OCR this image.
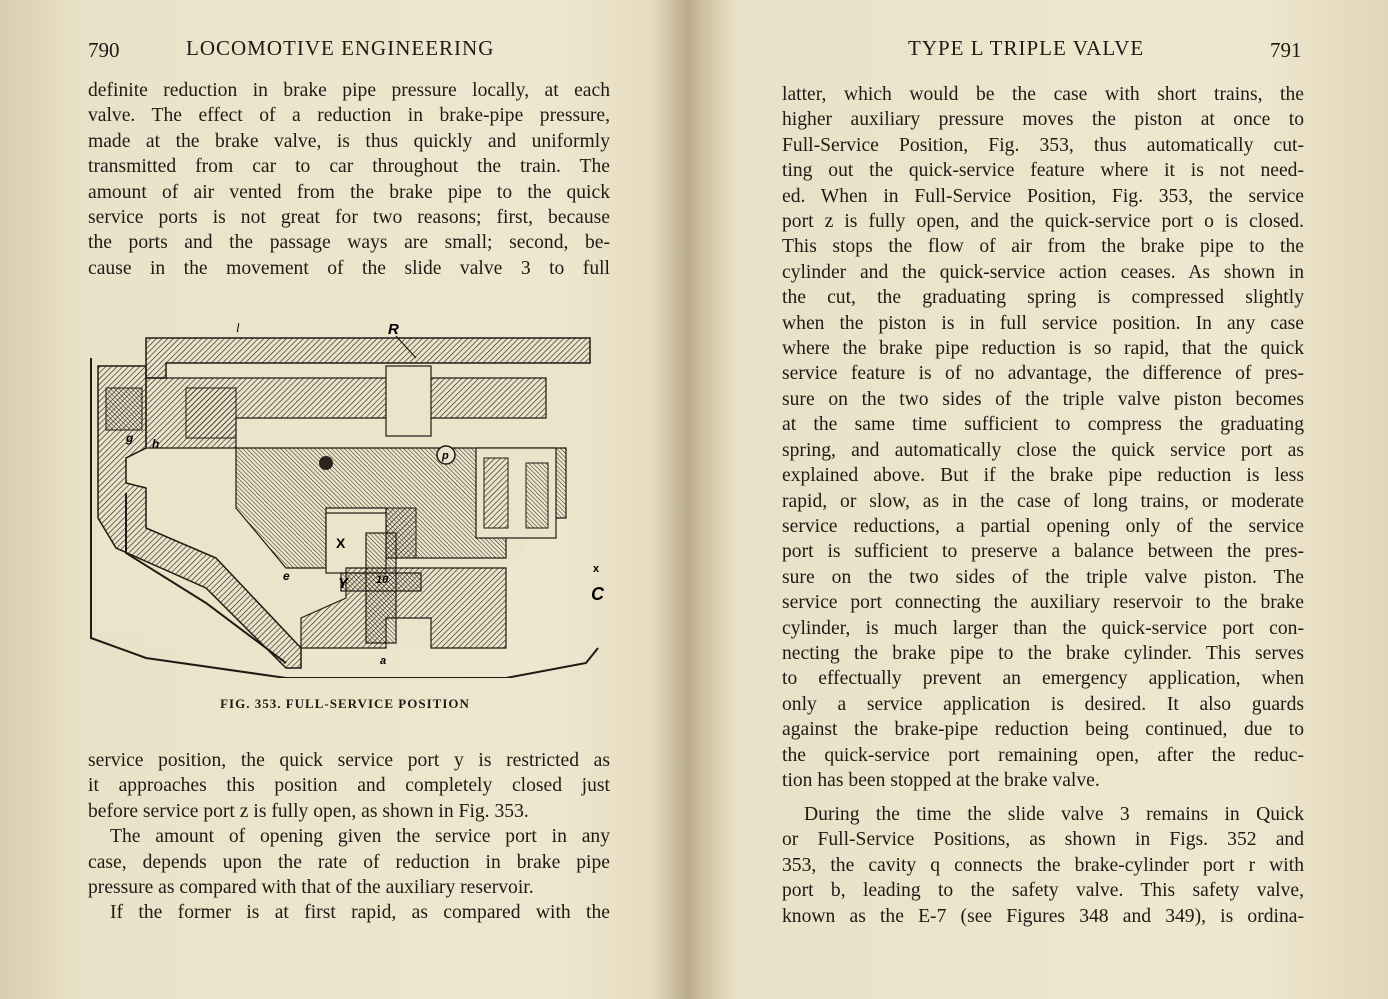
790	LOCOMOTIVE ENGINEERING
definite reduction in brake pipe pressure locally, at each
valve. The effect of a reduction in brake-pipe pressure,
made at the brake valve, is thus quickly and uniformly
transmitted from car to car throughout the train. The
amount of air vented from the brake pipe to the quick
service ports is not great for two reasons; first, because
the ports and the passage ways are small; second, be-
cause in the movement of the slide valve 3 to full
l	R
g h
p
X
Y	10
e
a
x
C
FIG. 353. FULL-SERVICE POSITION
service position, the quick service port y is restricted as
it approaches this position and completely closed just
before service port z is fully open, as shown in Fig. 353.
The amount of opening given the service port in any
case, depends upon the rate of reduction in brake pipe
pressure as compared with that of the auxiliary reservoir.
If the former is at first rapid, as compared with the
TYPE L TRIPLE VALVE	791
latter, which would be the case with short trains, the
higher auxiliary pressure moves the piston at once to
Full-Service Position, Fig. 353, thus automatically cut-
ting out the quick-service feature where it is not need-
ed. When in Full-Service Position, Fig. 353, the service
port z is fully open, and the quick-service port o is closed.
This stops the flow of air from the brake pipe to the
cylinder and the quick-service action ceases. As shown in
the cut, the graduating spring is compressed slightly
when the piston is in full service position. In any case
where the brake pipe reduction is so rapid, that the quick
service feature is of no advantage, the difference of pres-
sure on the two sides of the triple valve piston becomes
at the same time sufficient to compress the graduating
spring, and automatically close the quick service port as
explained above. But if the brake pipe reduction is less
rapid, or slow, as in the case of long trains, or moderate
service reductions, a partial opening only of the service
port is sufficient to preserve a balance between the pres-
sure on the two sides of the triple valve piston. The
service port connecting the auxiliary reservoir to the brake
cylinder, is much larger than the quick-service port con-
necting the brake pipe to the brake cylinder. This serves
to effectually prevent an emergency application, when
only a service application is desired. It also guards
against the brake-pipe reduction being continued, due to
the quick-service port remaining open, after the reduc-
tion has been stopped at the brake valve.
During the time the slide valve 3 remains in Quick
or Full-Service Positions, as shown in Figs. 352 and
353, the cavity q connects the brake-cylinder port r with
port b, leading to the safety valve. This safety valve,
known as the E-7 (see Figures 348 and 349), is ordina-
